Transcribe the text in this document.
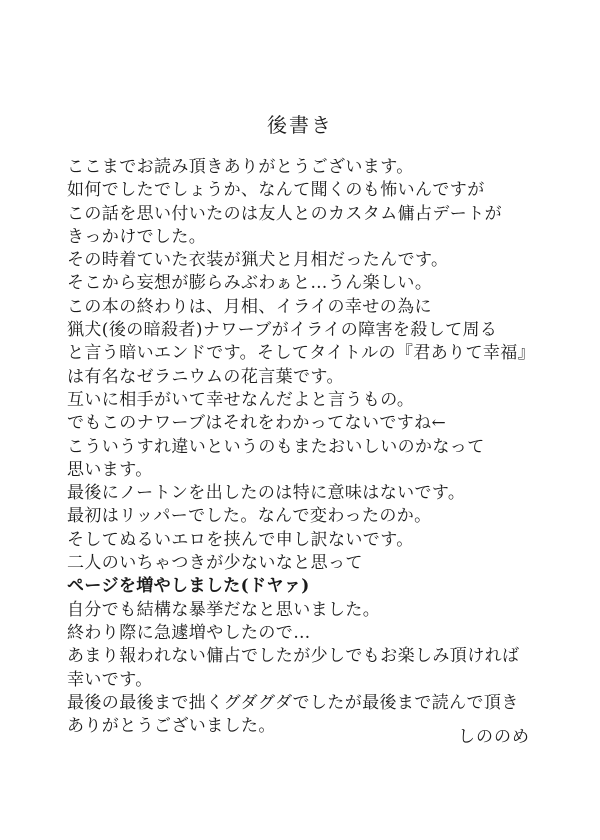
後書き
ここまでお読み頂きありがとうございます。
如何でしたでしょうか、なんて聞くのも怖いんですが
この話を思い付いたのは友人とのカスタム傭占デートが
きっかけでした。
その時着ていた衣装が猟犬と月相だったんです。
そこから妄想が膨らみぶわぁと…うん楽しい。
この本の終わりは、月相、イライの幸せの為に
猟犬(後の暗殺者)ナワーブがイライの障害を殺して周る
と言う暗いエンドです。そしてタイトルの『君ありて幸福』
は有名なゼラニウムの花言葉です。
互いに相手がいて幸せなんだよと言うもの。
でもこのナワーブはそれをわかってないですね←
こういうすれ違いというのもまたおいしいのかなって
思います。
最後にノートンを出したのは特に意味はないです。
最初はリッパーでした。なんで変わったのか。
そしてぬるいエロを挟んで申し訳ないです。
二人のいちゃつきが少ないなと思って
ページを増やしました(ドヤァ)
自分でも結構な暴挙だなと思いました。
終わり際に急遽増やしたので…
あまり報われない傭占でしたが少しでもお楽しみ頂ければ
幸いです。
最後の最後まで拙くグダグダでしたが最後まで読んで頂き
ありがとうございました。
しののめ
